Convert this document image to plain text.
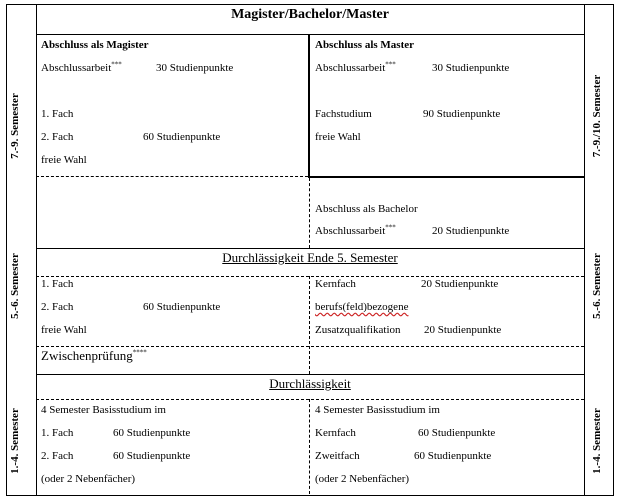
Magister/Bachelor/Master
Abschluss als Magister
Abschlussarbeit***	30 Studienpunkte
1. Fach
2. Fach	60 Studienpunkte
freie Wahl
Abschluss als Master
Abschlussarbeit***	30 Studienpunkte
Fachstudium	90 Studienpunkte
freie Wahl
Abschluss als Bachelor
Abschlussarbeit***	20 Studienpunkte
Durchlässigkeit Ende 5. Semester
1. Fach
2. Fach	60 Studienpunkte
freie Wahl
Kernfach	20 Studienpunkte
berufs(feld)bezogene
Zusatzqualifikation 20 Studienpunkte
Zwischenprüfung****
Durchlässigkeit
4 Semester Basisstudium im
1. Fach	60 Studienpunkte
2. Fach	60 Studienpunkte
(oder 2 Nebenfächer)
4 Semester Basisstudium im
Kernfach	60 Studienpunkte
Zweitfach	60 Studienpunkte
(oder 2 Nebenfächer)
7.-9. Semester
5.-6. Semester
1.-4. Semester
7.-9./10. Semester
5.-6. Semester
1.-4. Semester
